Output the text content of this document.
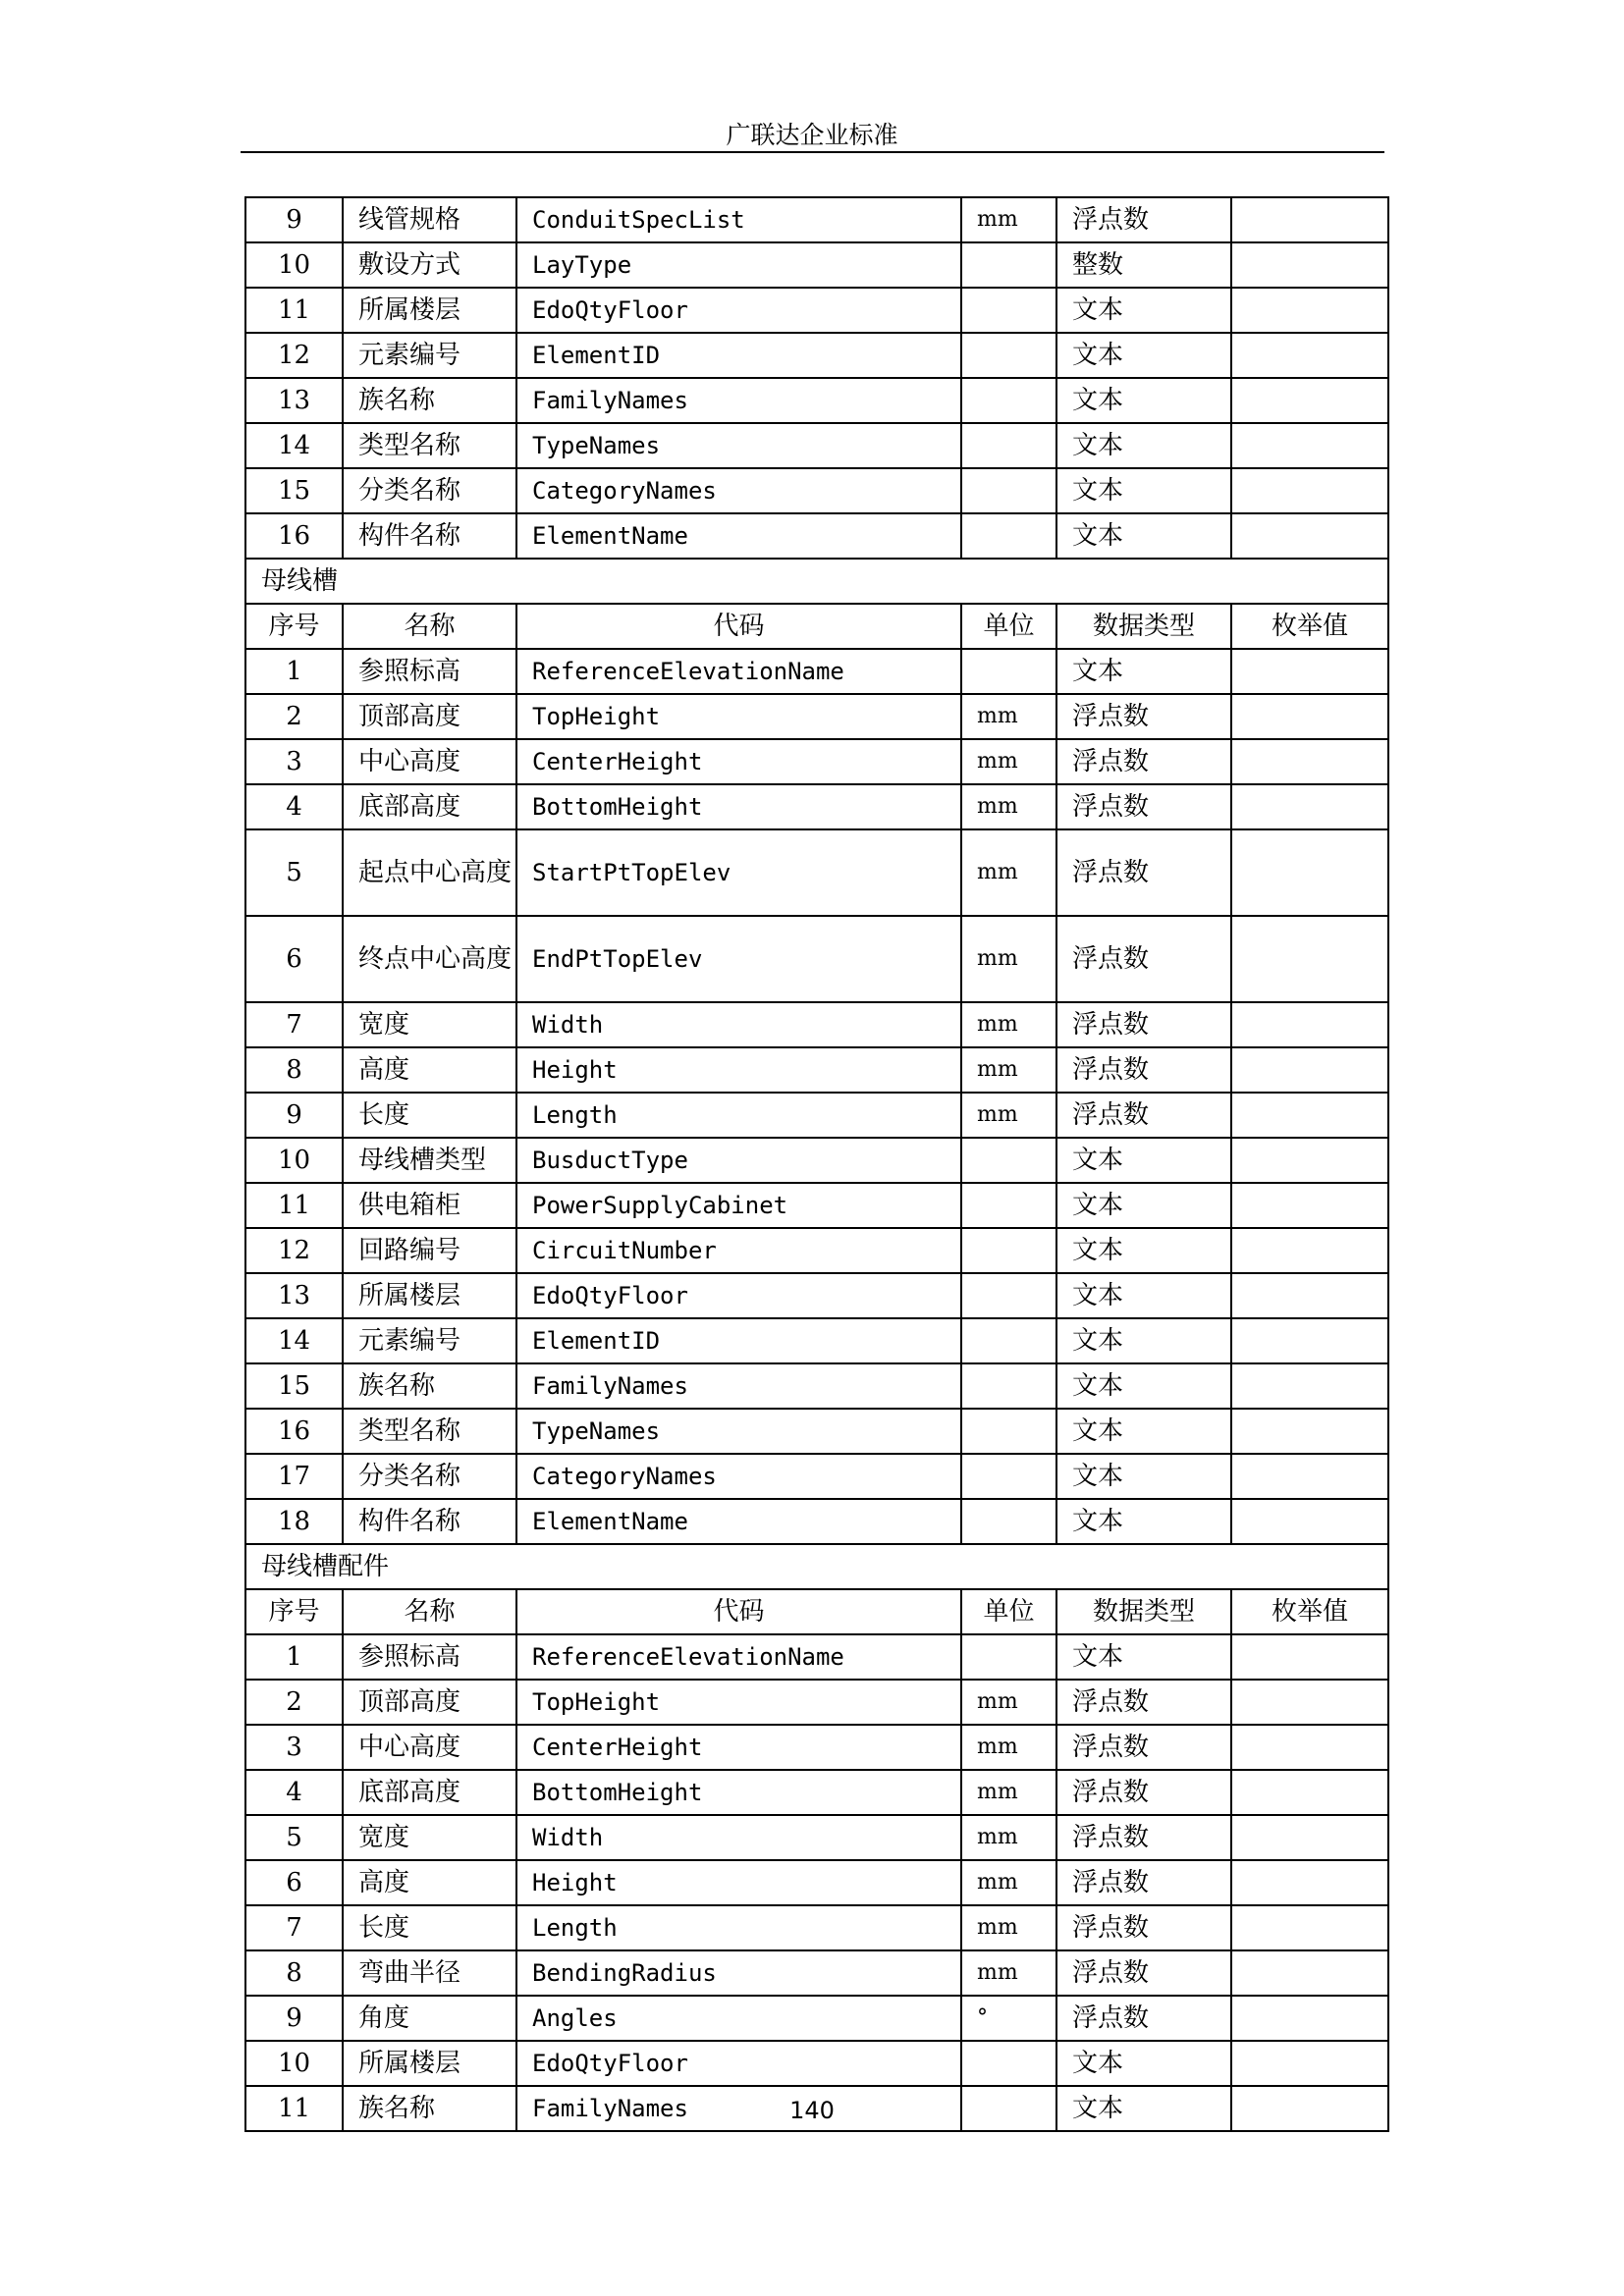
广联达企业标准
9	线管规格	ConduitSpecList	mm	浮点数	
10	敷设方式	LayType		整数	
11	所属楼层	EdoQtyFloor		文本	
12	元素编号	ElementID		文本	
13	族名称	FamilyNames		文本	
14	类型名称	TypeNames		文本	
15	分类名称	CategoryNames		文本	
16	构件名称	ElementName		文本	
母线槽					
序号	名称	代码	单位	数据类型	枚举值
1	参照标高	ReferenceElevationName		文本	
2	顶部高度	TopHeight	mm	浮点数	
3	中心高度	CenterHeight	mm	浮点数	
4	底部高度	BottomHeight	mm	浮点数	
5	起点中心高度	StartPtTopElev	mm	浮点数	
6	终点中心高度	EndPtTopElev	mm	浮点数	
7	宽度	Width	mm	浮点数	
8	高度	Height	mm	浮点数	
9	长度	Length	mm	浮点数	
10	母线槽类型	BusductType		文本	
11	供电箱柜	PowerSupplyCabinet		文本	
12	回路编号	CircuitNumber		文本	
13	所属楼层	EdoQtyFloor		文本	
14	元素编号	ElementID		文本	
15	族名称	FamilyNames		文本	
16	类型名称	TypeNames		文本	
17	分类名称	CategoryNames		文本	
18	构件名称	ElementName		文本	
母线槽配件					
序号	名称	代码	单位	数据类型	枚举值
1	参照标高	ReferenceElevationName		文本	
2	顶部高度	TopHeight	mm	浮点数	
3	中心高度	CenterHeight	mm	浮点数	
4	底部高度	BottomHeight	mm	浮点数	
5	宽度	Width	mm	浮点数	
6	高度	Height	mm	浮点数	
7	长度	Length	mm	浮点数	
8	弯曲半径	BendingRadius	mm	浮点数	
9	角度	Angles	°	浮点数	
10	所属楼层	EdoQtyFloor		文本	
11	族名称	FamilyNames		文本	
140
